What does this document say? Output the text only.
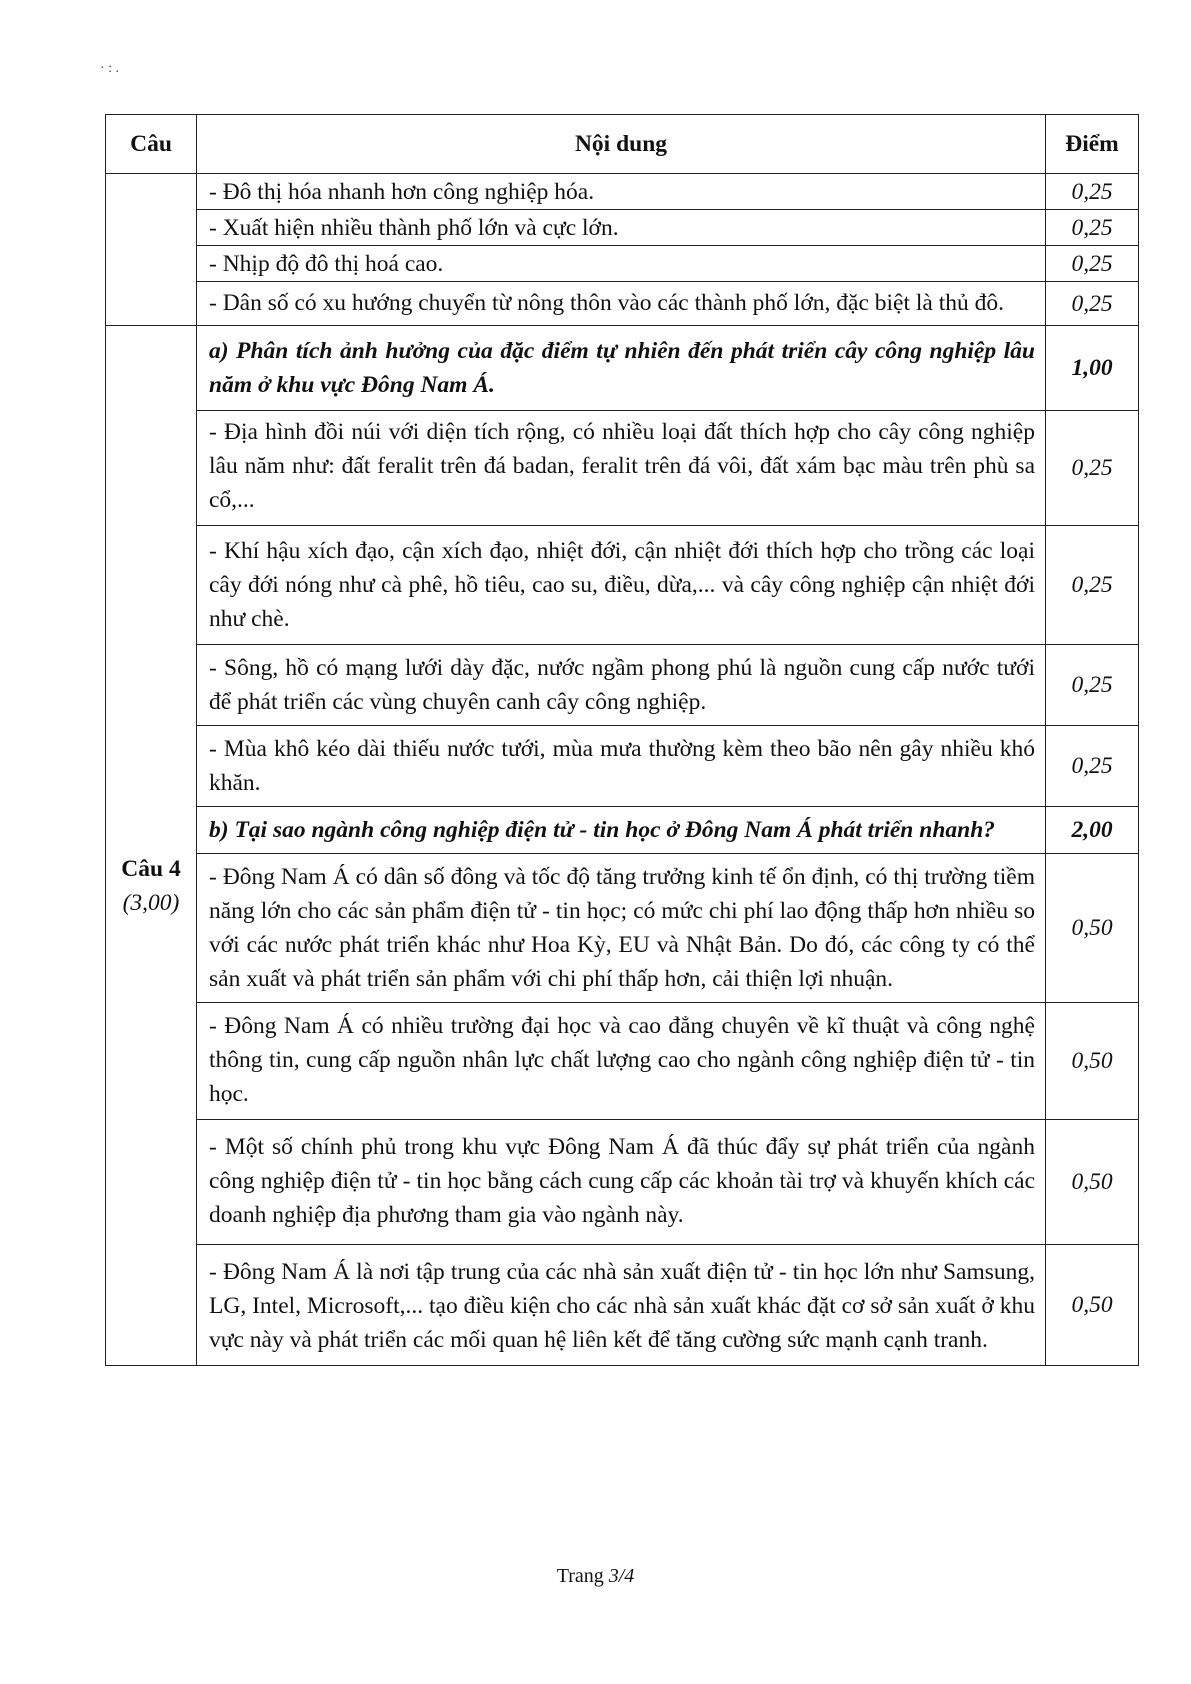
· : .
Câu	Nội dung	Điểm
	- Đô thị hóa nhanh hơn công nghiệp hóa.	0,25
	- Xuất hiện nhiều thành phố lớn và cực lớn.	0,25
	- Nhịp độ đô thị hoá cao.	0,25
	- Dân số có xu hướng chuyển từ nông thôn vào các thành phố lớn, đặc biệt là thủ đô.	0,25

Câu 4
(3,00)	a) Phân tích ảnh hưởng của đặc điểm tự nhiên đến phát triển cây công nghiệp lâu năm ở khu vực Đông Nam Á.	1,00
	- Địa hình đồi núi với diện tích rộng, có nhiều loại đất thích hợp cho cây công nghiệp lâu năm như: đất feralit trên đá badan, feralit trên đá vôi, đất xám bạc màu trên phù sa cổ,...	0,25
	- Khí hậu xích đạo, cận xích đạo, nhiệt đới, cận nhiệt đới thích hợp cho trồng các loại cây đới nóng như cà phê, hồ tiêu, cao su, điều, dừa,... và cây công nghiệp cận nhiệt đới như chè.	0,25
	- Sông, hồ có mạng lưới dày đặc, nước ngầm phong phú là nguồn cung cấp nước tưới để phát triển các vùng chuyên canh cây công nghiệp.	0,25
	- Mùa khô kéo dài thiếu nước tưới, mùa mưa thường kèm theo bão nên gây nhiều khó khăn.	0,25
	b) Tại sao ngành công nghiệp điện tử - tin học ở Đông Nam Á phát triển nhanh?	2,00
	- Đông Nam Á có dân số đông và tốc độ tăng trưởng kinh tế ổn định, có thị trường tiềm năng lớn cho các sản phẩm điện tử - tin học; có mức chi phí lao động thấp hơn nhiều so với các nước phát triển khác như Hoa Kỳ, EU và Nhật Bản. Do đó, các công ty có thể sản xuất và phát triển sản phẩm với chi phí thấp hơn, cải thiện lợi nhuận.	0,50
	- Đông Nam Á có nhiều trường đại học và cao đẳng chuyên về kĩ thuật và công nghệ thông tin, cung cấp nguồn nhân lực chất lượng cao cho ngành công nghiệp điện tử - tin học.	0,50
	- Một số chính phủ trong khu vực Đông Nam Á đã thúc đẩy sự phát triển của ngành công nghiệp điện tử - tin học bằng cách cung cấp các khoản tài trợ và khuyến khích các doanh nghiệp địa phương tham gia vào ngành này.	0,50
	- Đông Nam Á là nơi tập trung của các nhà sản xuất điện tử - tin học lớn như Samsung, LG, Intel, Microsoft,... tạo điều kiện cho các nhà sản xuất khác đặt cơ sở sản xuất ở khu vực này và phát triển các mối quan hệ liên kết để tăng cường sức mạnh cạnh tranh.	0,50
Trang 3/4
